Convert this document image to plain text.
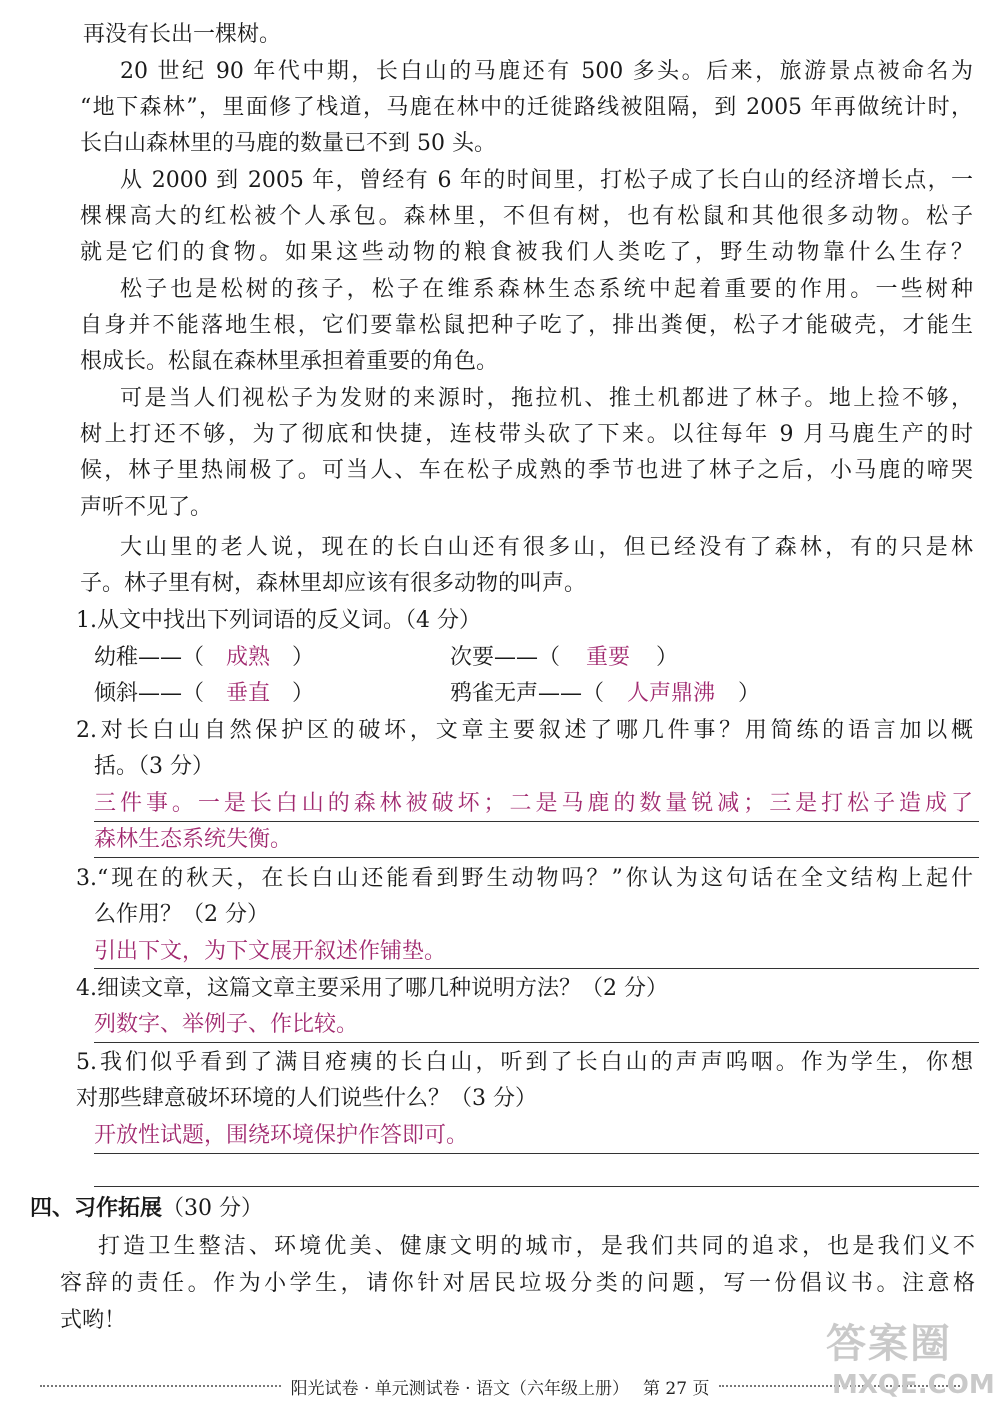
再没有长出一棵树。
20 世纪 90 年代中期，长白山的马鹿还有 500 多头。后来，旅游景点被命名为
“地下森林”，里面修了栈道，马鹿在林中的迁徙路线被阻隔，到 2005 年再做统计时，
长白山森林里的马鹿的数量已不到 50 头。
从 2000 到 2005 年，曾经有 6 年的时间里，打松子成了长白山的经济增长点，一
棵棵高大的红松被个人承包。森林里，不但有树，也有松鼠和其他很多动物。松子
就是它们的食物。如果这些动物的粮食被我们人类吃了，野生动物靠什么生存？
松子也是松树的孩子，松子在维系森林生态系统中起着重要的作用。一些树种
自身并不能落地生根，它们要靠松鼠把种子吃了，排出粪便，松子才能破壳，才能生
根成长。松鼠在森林里承担着重要的角色。
可是当人们视松子为发财的来源时，拖拉机、推土机都进了林子。地上捡不够，
树上打还不够，为了彻底和快捷，连枝带头砍了下来。以往每年 9 月马鹿生产的时
候，林子里热闹极了。可当人、车在松子成熟的季节也进了林子之后，小马鹿的啼哭
声听不见了。
大山里的老人说，现在的长白山还有很多山，但已经没有了森林，有的只是林
子。林子里有树，森林里却应该有很多动物的叫声。
1.从文中找出下列词语的反义词。（4 分）
幼稚——（ 成熟 ）	次要——（ 重要 ）
倾斜——（ 垂直 ）	鸦雀无声——（ 人声鼎沸 ）
2.对长白山自然保护区的破坏，文章主要叙述了哪几件事？用简练的语言加以概
括。（3 分）
三件事。一是长白山的森林被破坏；二是马鹿的数量锐减；三是打松子造成了
森林生态系统失衡。
3.“现在的秋天，在长白山还能看到野生动物吗？”你认为这句话在全文结构上起什
么作用？（2 分）
引出下文，为下文展开叙述作铺垫。
4.细读文章，这篇文章主要采用了哪几种说明方法？（2 分）
列数字、举例子、作比较。
5.我们似乎看到了满目疮痍的长白山，听到了长白山的声声呜咽。作为学生，你想
对那些肆意破坏环境的人们说些什么？（3 分）
开放性试题，围绕环境保护作答即可。
四、习作拓展（30 分）
打造卫生整洁、环境优美、健康文明的城市，是我们共同的追求，也是我们义不
容辞的责任。作为小学生，请你针对居民垃圾分类的问题，写一份倡议书。注意格
式哟！
阳光试卷 · 单元测试卷 · 语文（六年级上册） 第 27 页
答案圈
MXQE.COM
